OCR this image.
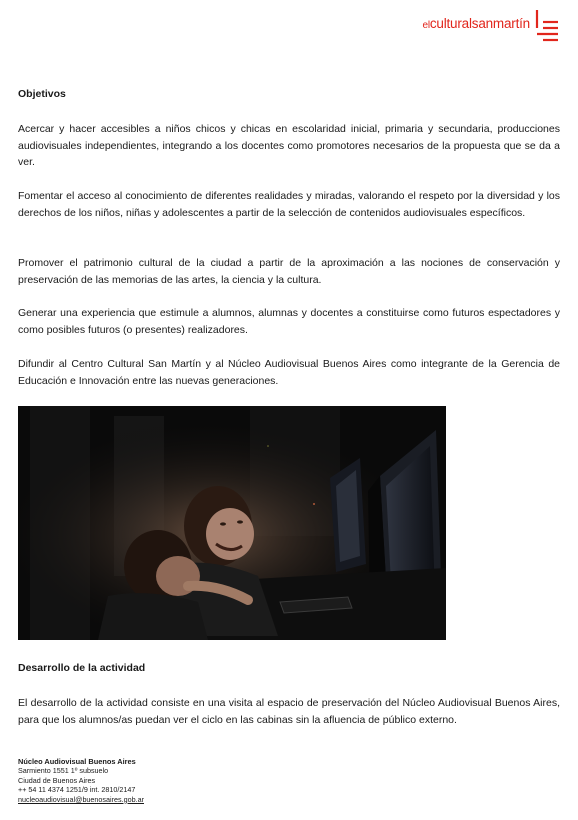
elculturalsanmartín
Objetivos
Acercar y hacer accesibles a niños chicos y chicas en escolaridad inicial, primaria y secundaria, producciones audiovisuales independientes, integrando a los docentes como promotores necesarios de la propuesta que se da a ver.
Fomentar el acceso al conocimiento de diferentes realidades y miradas, valorando el respeto por la diversidad y los derechos de los niños, niñas y adolescentes a partir de la selección de contenidos audiovisuales específicos.
Promover el patrimonio cultural de la ciudad a partir de la aproximación a las nociones de conservación y preservación de las memorias de las artes, la ciencia y la cultura.
Generar una experiencia que estimule a alumnos, alumnas y docentes a constituirse como futuros espectadores y como posibles futuros (o presentes) realizadores.
Difundir al Centro Cultural San Martín y al Núcleo Audiovisual Buenos Aires como integrante de la Gerencia de Educación e Innovación entre las nuevas generaciones.
Desarrollo de la actividad
El desarrollo de la actividad consiste en una visita al espacio de preservación del Núcleo Audiovisual Buenos Aires, para que los alumnos/as puedan ver el ciclo en las cabinas sin la afluencia de público externo.
Núcleo Audiovisual Buenos Aires
Sarmiento 1551 1º subsuelo
Ciudad de Buenos Aires
++ 54 11 4374 1251/9 int. 2810/2147
nucleoaudiovisual@buenosaires.gob.ar
